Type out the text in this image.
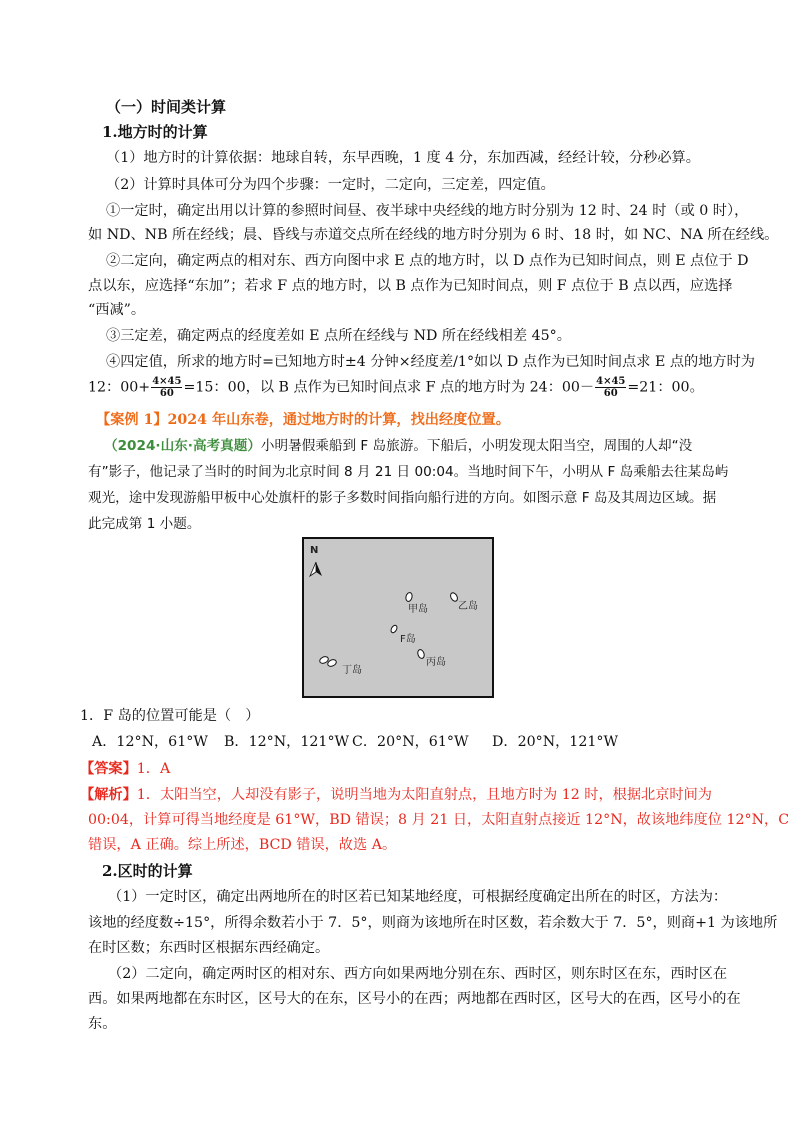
（一）时间类计算
1.地方时的计算
（1）地方时的计算依据：地球自转，东早西晚，1 度 4 分，东加西减，经经计较，分秒必算。
（2）计算时具体可分为四个步骤：一定时，二定向，三定差，四定值。
①一定时，确定出用以计算的参照时间昼、夜半球中央经线的地方时分别为 12 时、24 时（或 0 时），
如 ND、NB 所在经线；晨、昏线与赤道交点所在经线的地方时分别为 6 时、18 时，如 NC、NA 所在经线。
②二定向，确定两点的相对东、西方向图中求 E 点的地方时，以 D 点作为已知时间点，则 E 点位于 D
点以东，应选择“东加”；若求 F 点的地方时，以 B 点作为已知时间点，则 F 点位于 B 点以西，应选择
“西减”。
③三定差，确定两点的经度差如 E 点所在经线与 ND 所在经线相差 45°。
④四定值，所求的地方时=已知地方时±4 分钟×经度差/1°如以 D 点作为已知时间点求 E 点的地方时为
12：$00+ \frac{4\times 45}{60} =15$：00，以 B 点作为已知时间点求 F 点的地方时为 24：$00- \frac{4\times 45}{60} =21$：00。
【案例 1】2024 年山东卷，通过地方时的计算，找出经度位置。
（2024·山东·高考真题）小明暑假乘船到 F 岛旅游。下船后，小明发现太阳当空，周围的人却“没
有”影子，他记录了当时的时间为北京时间 8 月 21 日 00:04。当地时间下午，小明从 F 岛乘船去往某岛屿
观光，途中发现游船甲板中心处旗杆的影子多数时间指向船行进的方向。如图示意 F 岛及其周边区域。据
此完成第 1 小题。
N
甲岛	乙岛
F岛
丙岛
丁岛
1．F 岛的位置可能是（　）
A．12°N，61°W B．12°N，121°W C．20°N，61°W D．20°N，121°W
【答案】1．A
【解析】1．太阳当空，人却没有影子，说明当地为太阳直射点，且地方时为 12 时，根据北京时间为
00:04，计算可得当地经度是 61°W，BD 错误；8 月 21 日，太阳直射点接近 12°N，故该地纬度位 12°N，C
错误，A 正确。综上所述，BCD 错误，故选 A。
2.区时的计算
（1）一定时区，确定出两地所在的时区若已知某地经度，可根据经度确定出所在的时区，方法为：
该地的经度数÷15°，所得余数若小于 7．5°，则商为该地所在时区数，若余数大于 7．5°，则商+1 为该地所
在时区数；东西时区根据东西经确定。
（2）二定向，确定两时区的相对东、西方向如果两地分别在东、西时区，则东时区在东，西时区在
西。如果两地都在东时区，区号大的在东，区号小的在西；两地都在西时区，区号大的在西，区号小的在
东。
